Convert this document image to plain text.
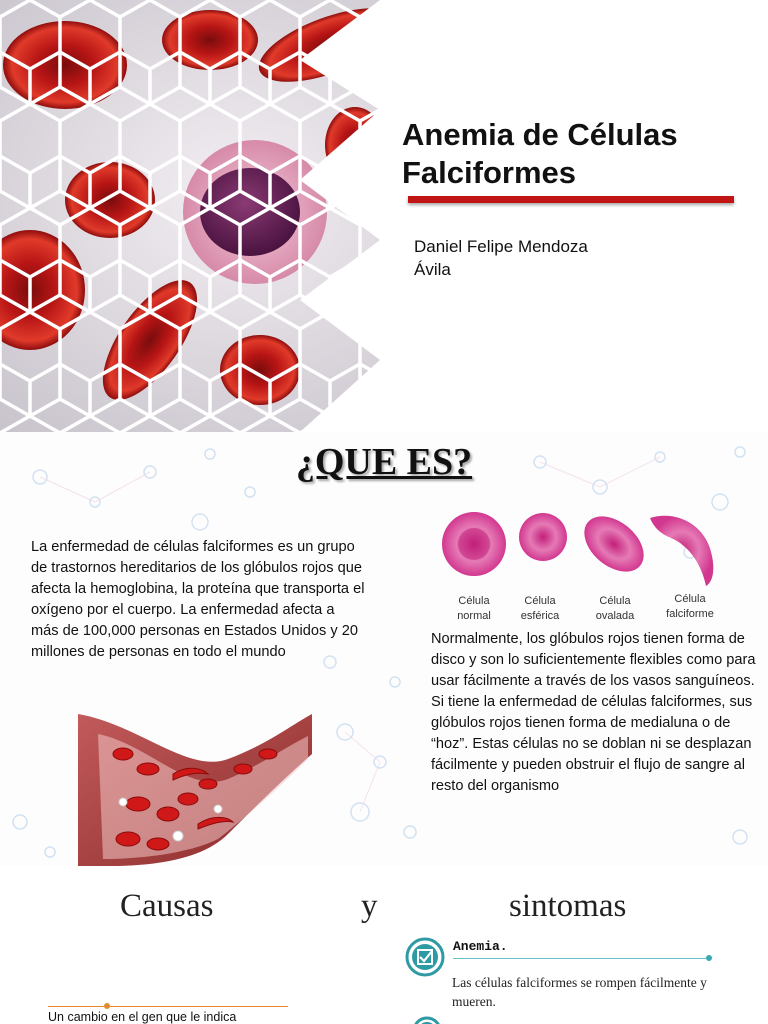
Anemia de Células
Falciformes
Daniel Felipe Mendoza
Ávila
¿QUE ES?
La enfermedad de células falciformes es un grupo de trastornos hereditarios de los glóbulos rojos que afecta la hemoglobina, la proteína que transporta el oxígeno por el cuerpo. La enfermedad afecta a más de 100,000 personas en Estados Unidos y 20 millones de personas en todo el mundo
Célula
normal
Célula
esférica
Célula
ovalada
Célula
falciforme
Normalmente, los glóbulos rojos tienen forma de disco y son lo suficientemente flexibles como para usar fácilmente a través de los vasos sanguíneos. Si tiene la enfermedad de células falciformes, sus glóbulos rojos tienen forma de medialuna o de “hoz”. Estas células no se doblan ni se desplazan fácilmente y pueden obstruir el flujo de sangre al resto del organismo
Causas	y	sintomas
Anemia.
Las células falciformes se rompen fácilmente y mueren.
Un cambio en el gen que le indica
